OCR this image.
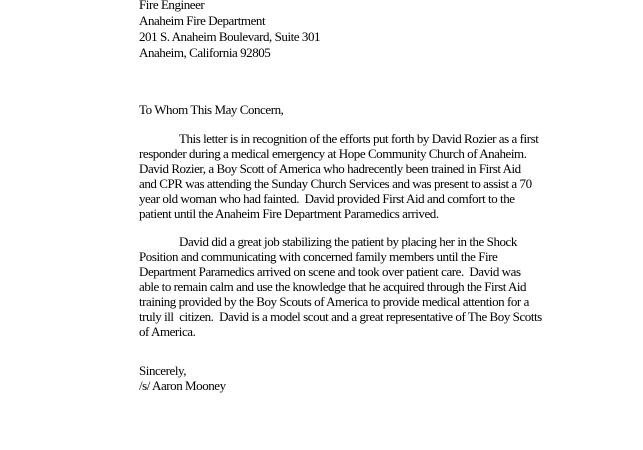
Fire Engineer
Anaheim Fire Department
201 S. Anaheim Boulevard, Suite 301
Anaheim, California 92805
To Whom This May Concern,
This letter is in recognition of the efforts put forth by David Rozier as a first
responder during a medical emergency at Hope Community Church of Anaheim.
David Rozier, a Boy Scott of America who hadrecently been trained in First Aid
and CPR was attending the Sunday Church Services and was present to assist a 70
year old woman who had fainted.  David provided First Aid and comfort to the
patient until the Anaheim Fire Department Paramedics arrived.
David did a great job stabilizing the patient by placing her in the Shock
Position and communicating with concerned family members until the Fire
Department Paramedics arrived on scene and took over patient care.  David was
able to remain calm and use the knowledge that he acquired through the First Aid
training provided by the Boy Scouts of America to provide medical attention for a
truly ill  citizen.  David is a model scout and a great representative of The Boy Scotts
of America.
Sincerely,
/s/ Aaron Mooney
